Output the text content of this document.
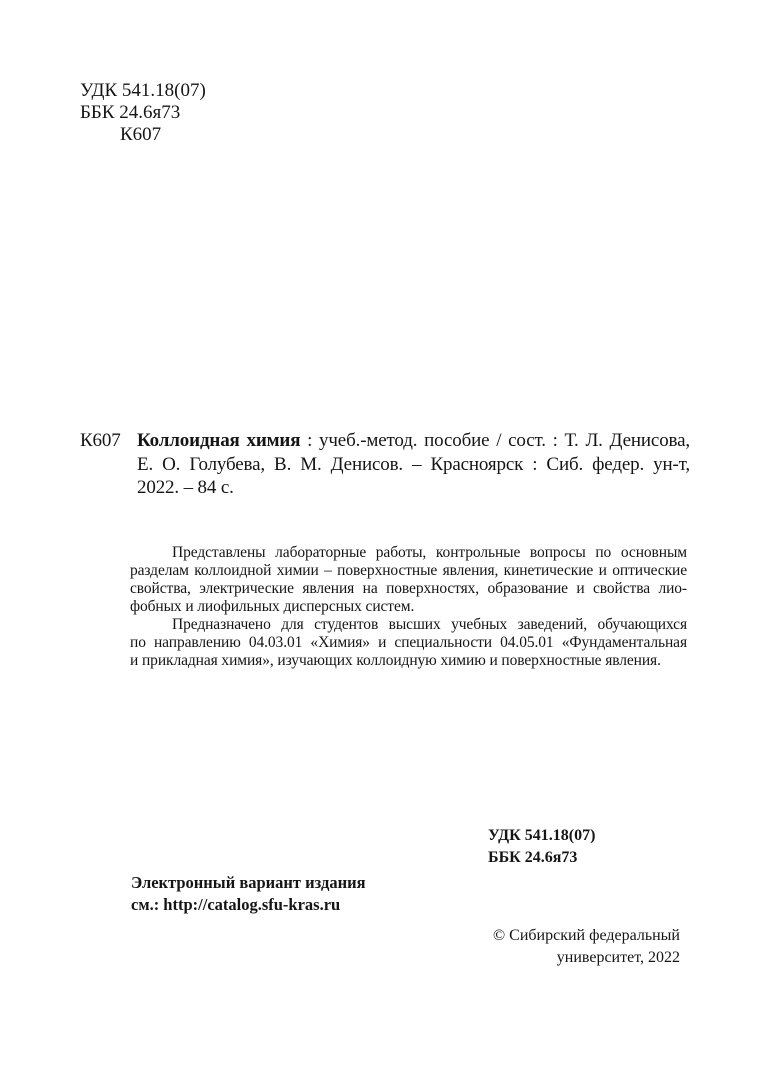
УДК 541.18(07)
ББК 24.6я73
К607
К607 Коллоидная химия : учеб.-метод. пособие / сост. : Т. Л. Денисова,
Е. О. Голубева, В. М. Денисов. – Красноярск : Сиб. федер. ун-т,
2022. – 84 с.
Представлены лабораторные работы, контрольные вопросы по основным
разделам коллоидной химии – поверхностные явления, кинетические и оптические
свойства, электрические явления на поверхностях, образование и свойства лио-
фобных и лиофильных дисперсных систем.
Предназначено для студентов высших учебных заведений, обучающихся
по направлению 04.03.01 «Химия» и специальности 04.05.01 «Фундаментальная
и прикладная химия», изучающих коллоидную химию и поверхностные явления.
УДК 541.18(07)
ББК 24.6я73
Электронный вариант издания
см.: http://catalog.sfu-kras.ru
© Сибирский федеральный
университет, 2022
